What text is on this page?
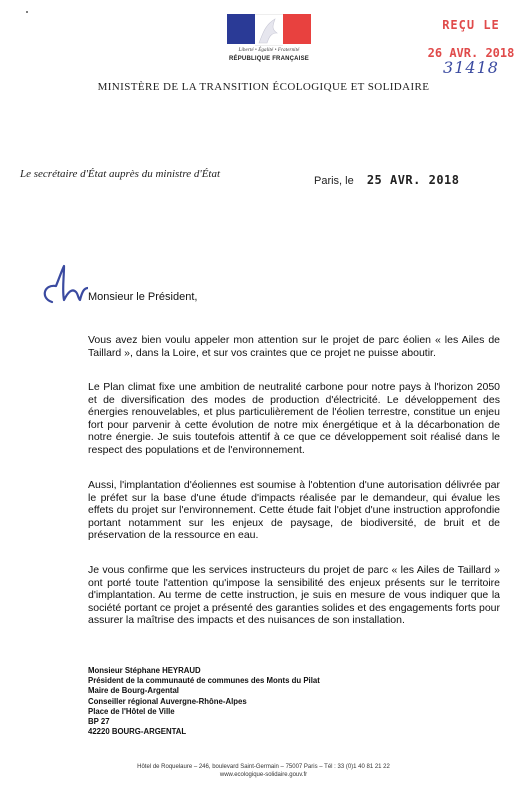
Liberté • Égalité • Fraternité
RÉPUBLIQUE FRANÇAISE
REÇU LE
26 AVR. 2018
31418
MINISTÈRE DE LA TRANSITION ÉCOLOGIQUE ET SOLIDAIRE
Le secrétaire d'État auprès du ministre d'État
Paris, le 25 AVR. 2018
Monsieur le Président,

Vous avez bien voulu appeler mon attention sur le projet de parc éolien « les Ailes de Taillard », dans la Loire, et sur vos craintes que ce projet ne puisse aboutir.

Le Plan climat fixe une ambition de neutralité carbone pour notre pays à l'horizon 2050 et de diversification des modes de production d'électricité. Le développement des énergies renouvelables, et plus particulièrement de l'éolien terrestre, constitue un enjeu fort pour parvenir à cette évolution de notre mix énergétique et à la décarbonation de notre énergie. Je suis toutefois attentif à ce que ce développement soit réalisé dans le respect des populations et de l'environnement.

Aussi, l'implantation d'éoliennes est soumise à l'obtention d'une autorisation délivrée par le préfet sur la base d'une étude d'impacts réalisée par le demandeur, qui évalue les effets du projet sur l'environnement. Cette étude fait l'objet d'une instruction approfondie portant notamment sur les enjeux de paysage, de biodiversité, de bruit et de préservation de la ressource en eau.

Je vous confirme que les services instructeurs du projet de parc « les Ailes de Taillard » ont porté toute l'attention qu'impose la sensibilité des enjeux présents sur le territoire d'implantation. Au terme de cette instruction, je suis en mesure de vous indiquer que la société portant ce projet a présenté des garanties solides et des engagements forts pour assurer la maîtrise des impacts et des nuisances de son installation.

Monsieur Stéphane HEYRAUD
Président de la communauté de communes des Monts du Pilat
Maire de Bourg-Argental
Conseiller régional Auvergne-Rhône-Alpes
Place de l'Hôtel de Ville
BP 27
42220 BOURG-ARGENTAL
Hôtel de Roquelaure – 246, boulevard Saint-Germain – 75007 Paris – Tél : 33 (0)1 40 81 21 22
www.ecologique-solidaire.gouv.fr
